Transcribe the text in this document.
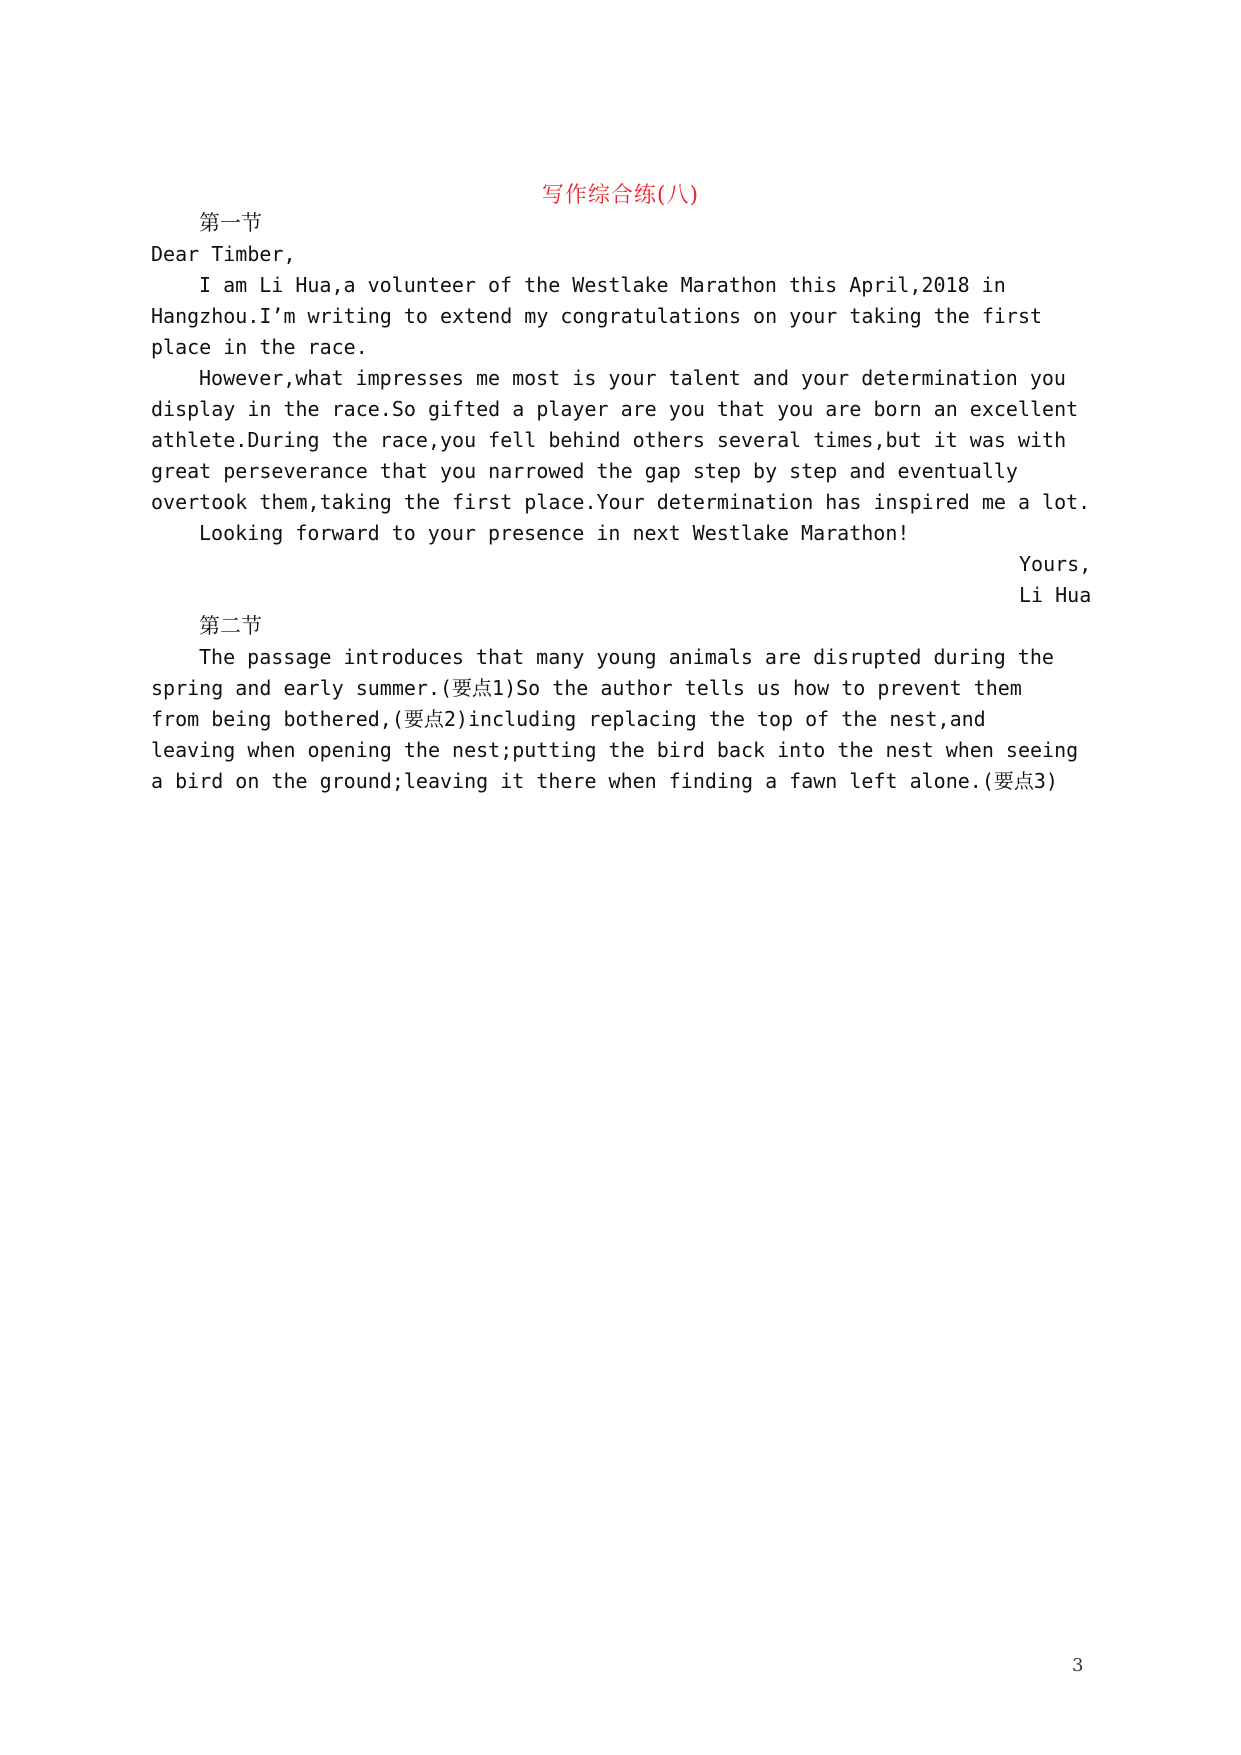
写作综合练(八)
第一节
Dear Timber,
I am Li Hua,a volunteer of the Westlake Marathon this April,2018 in
Hangzhou.I’m writing to extend my congratulations on your taking the first
place in the race.
However,what impresses me most is your talent and your determination you
display in the race.So gifted a player are you that you are born an excellent
athlete.During the race,you fell behind others several times,but it was with
great perseverance that you narrowed the gap step by step and eventually
overtook them,taking the first place.Your determination has inspired me a lot.
Looking forward to your presence in next Westlake Marathon!
Yours,
Li Hua
第二节
The passage introduces that many young animals are disrupted during the
spring and early summer.(要点1)So the author tells us how to prevent them
from being bothered,(要点2)including replacing the top of the nest,and
leaving when opening the nest;putting the bird back into the nest when seeing
a bird on the ground;leaving it there when finding a fawn left alone.(要点3)
3
